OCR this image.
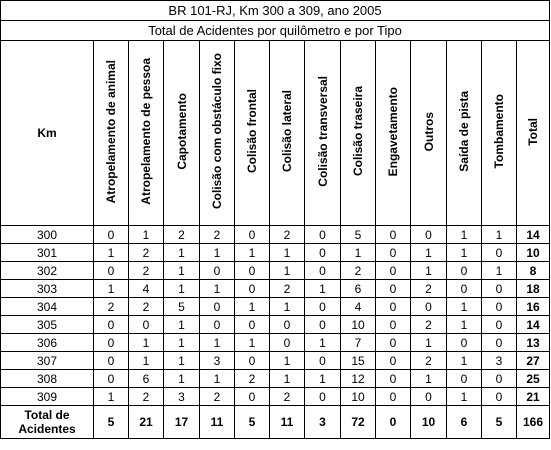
BR 101-RJ, Km 300 a 309, ano 2005													
Total de Acidentes por quilômetro e por Tipo													
Km	Atropelamento de animal	Atropelamento de pessoa	Capotamento	Colisão com obstáculo fixo	Colisão frontal	Colisão lateral	Colisão transversal	Colisão traseira	Engavetamento	Outros	Saída de pista	Tombamento	Total
300	0	1	2	2	0	2	0	5	0	0	1	1	14
301	1	2	1	1	1	1	0	1	0	1	1	0	10
302	0	2	1	0	0	1	0	2	0	1	0	1	8
303	1	4	1	1	0	2	1	6	0	2	0	0	18
304	2	2	5	0	1	1	0	4	0	0	1	0	16
305	0	0	1	0	0	0	0	10	0	2	1	0	14
306	0	1	1	1	1	0	1	7	0	1	0	0	13
307	0	1	1	3	0	1	0	15	0	2	1	3	27
308	0	6	1	1	2	1	1	12	0	1	0	0	25
309	1	2	3	2	0	2	0	10	0	0	1	0	21
Total de
Acidentes	5	21	17	11	5	11	3	72	0	10	6	5	166
